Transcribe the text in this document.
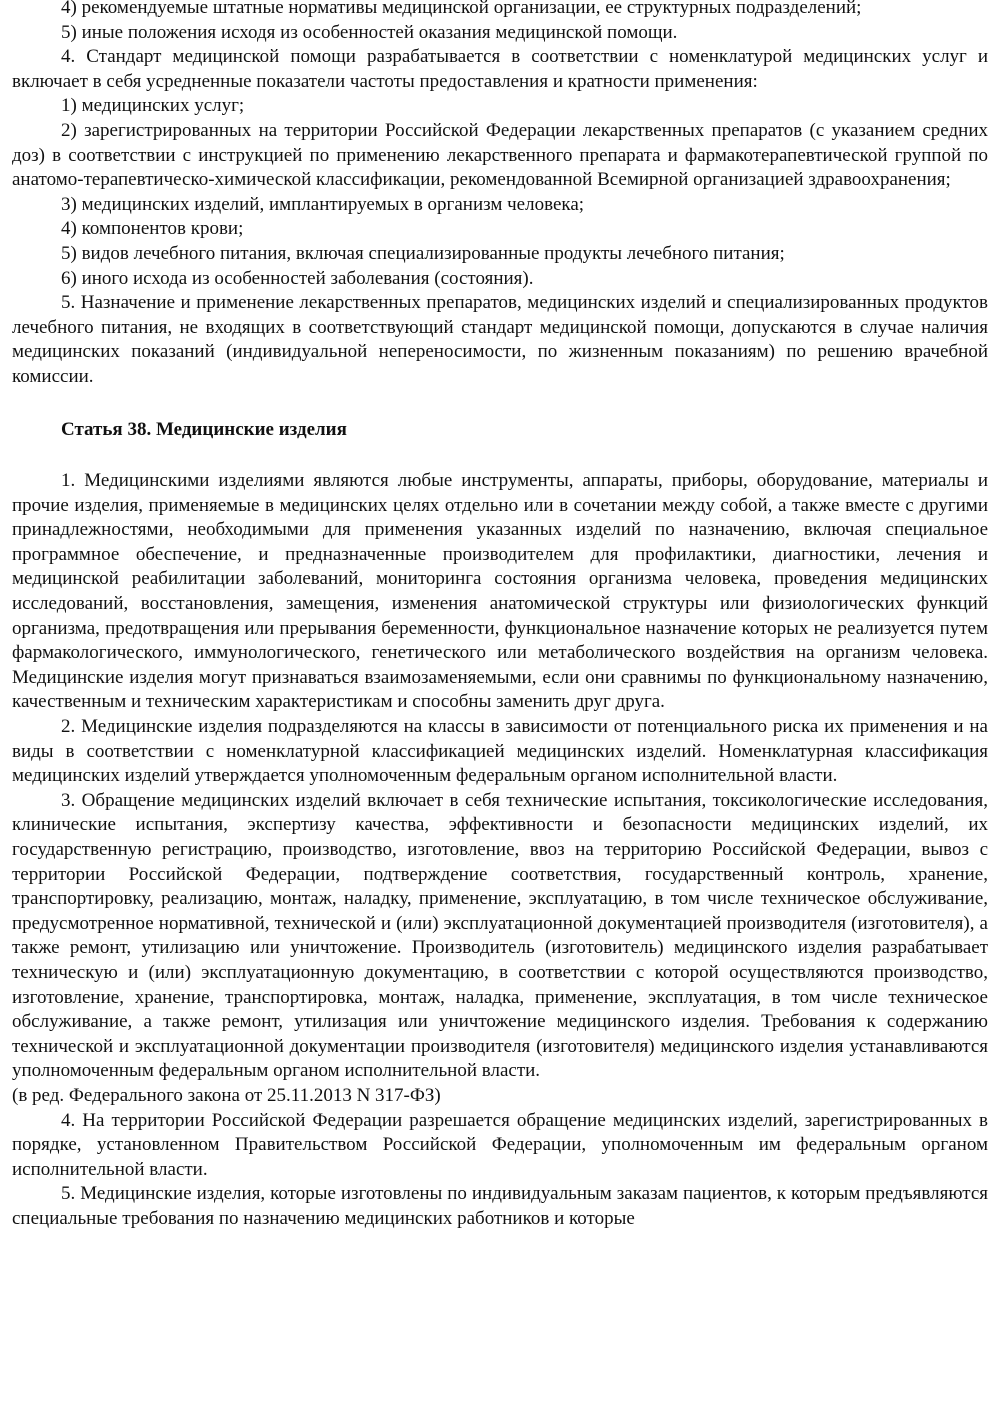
4) рекомендуемые штатные нормативы медицинской организации, ее структурных подразделений;

5) иные положения исходя из особенностей оказания медицинской помощи.

4. Стандарт медицинской помощи разрабатывается в соответствии с номенклатурой медицинских услуг и включает в себя усредненные показатели частоты предоставления и кратности применения:

1) медицинских услуг;

2) зарегистрированных на территории Российской Федерации лекарственных препаратов (с указанием средних доз) в соответствии с инструкцией по применению лекарственного препарата и фармакотерапевтической группой по анатомо-терапевтическо-химической классификации, рекомендованной Всемирной организацией здравоохранения;

3) медицинских изделий, имплантируемых в организм человека;

4) компонентов крови;

5) видов лечебного питания, включая специализированные продукты лечебного питания;

6) иного исхода из особенностей заболевания (состояния).

5. Назначение и применение лекарственных препаратов, медицинских изделий и специализированных продуктов лечебного питания, не входящих в соответствующий стандарт медицинской помощи, допускаются в случае наличия медицинских показаний (индивидуальной непереносимости, по жизненным показаниям) по решению врачебной комиссии.

Статья 38. Медицинские изделия

1. Медицинскими изделиями являются любые инструменты, аппараты, приборы, оборудование, материалы и прочие изделия, применяемые в медицинских целях отдельно или в сочетании между собой, а также вместе с другими принадлежностями, необходимыми для применения указанных изделий по назначению, включая специальное программное обеспечение, и предназначенные производителем для профилактики, диагностики, лечения и медицинской реабилитации заболеваний, мониторинга состояния организма человека, проведения медицинских исследований, восстановления, замещения, изменения анатомической структуры или физиологических функций организма, предотвращения или прерывания беременности, функциональное назначение которых не реализуется путем фармакологического, иммунологического, генетического или метаболического воздействия на организм человека. Медицинские изделия могут признаваться взаимозаменяемыми, если они сравнимы по функциональному назначению, качественным и техническим характеристикам и способны заменить друг друга.

2. Медицинские изделия подразделяются на классы в зависимости от потенциального риска их применения и на виды в соответствии с номенклатурной классификацией медицинских изделий. Номенклатурная классификация медицинских изделий утверждается уполномоченным федеральным органом исполнительной власти.

3. Обращение медицинских изделий включает в себя технические испытания, токсикологические исследования, клинические испытания, экспертизу качества, эффективности и безопасности медицинских изделий, их государственную регистрацию, производство, изготовление, ввоз на территорию Российской Федерации, вывоз с территории Российской Федерации, подтверждение соответствия, государственный контроль, хранение, транспортировку, реализацию, монтаж, наладку, применение, эксплуатацию, в том числе техническое обслуживание, предусмотренное нормативной, технической и (или) эксплуатационной документацией производителя (изготовителя), а также ремонт, утилизацию или уничтожение. Производитель (изготовитель) медицинского изделия разрабатывает техническую и (или) эксплуатационную документацию, в соответствии с которой осуществляются производство, изготовление, хранение, транспортировка, монтаж, наладка, применение, эксплуатация, в том числе техническое обслуживание, а также ремонт, утилизация или уничтожение медицинского изделия. Требования к содержанию технической и эксплуатационной документации производителя (изготовителя) медицинского изделия устанавливаются уполномоченным федеральным органом исполнительной власти.

(в ред. Федерального закона от 25.11.2013 N 317-ФЗ)

4. На территории Российской Федерации разрешается обращение медицинских изделий, зарегистрированных в порядке, установленном Правительством Российской Федерации, уполномоченным им федеральным органом исполнительной власти.

5. Медицинские изделия, которые изготовлены по индивидуальным заказам пациентов, к которым предъявляются специальные требования по назначению медицинских работников и которые
